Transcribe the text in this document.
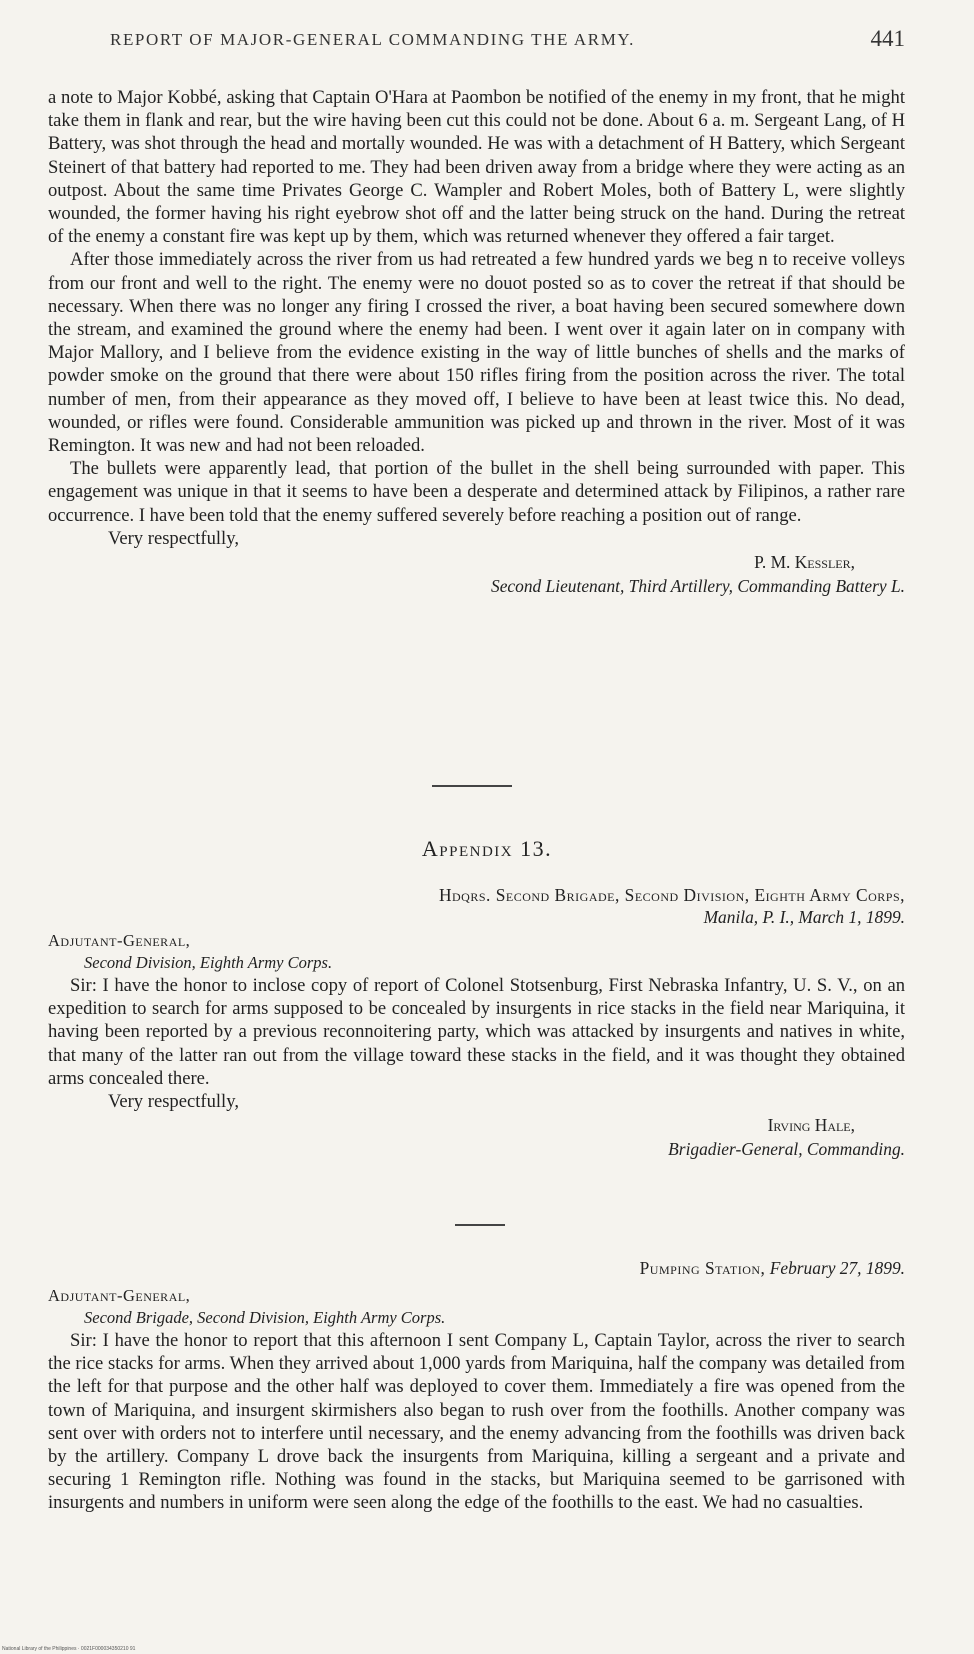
REPORT OF MAJOR-GENERAL COMMANDING THE ARMY.	441

a note to Major Kobbé, asking that Captain O'Hara at Paombon be notified of the enemy in my front, that he might take them in flank and rear, but the wire having been cut this could not be done. About 6 a. m. Sergeant Lang, of H Battery, was shot through the head and mortally wounded. He was with a detachment of H Battery, which Sergeant Steinert of that battery had reported to me. They had been driven away from a bridge where they were acting as an outpost. About the same time Privates George C. Wampler and Robert Moles, both of Battery L, were slightly wounded, the former having his right eyebrow shot off and the latter being struck on the hand. During the retreat of the enemy a constant fire was kept up by them, which was returned whenever they offered a fair target.

After those immediately across the river from us had retreated a few hundred yards we beg n to receive volleys from our front and well to the right. The enemy were no douot posted so as to cover the retreat if that should be necessary. When there was no longer any firing I crossed the river, a boat having been secured somewhere down the stream, and examined the ground where the enemy had been. I went over it again later on in company with Major Mallory, and I believe from the evidence existing in the way of little bunches of shells and the marks of powder smoke on the ground that there were about 150 rifles firing from the position across the river. The total number of men, from their appearance as they moved off, I believe to have been at least twice this. No dead, wounded, or rifles were found. Considerable ammunition was picked up and thrown in the river. Most of it was Remington. It was new and had not been reloaded.

The bullets were apparently lead, that portion of the bullet in the shell being surrounded with paper. This engagement was unique in that it seems to have been a desperate and determined attack by Filipinos, a rather rare occurrence. I have been told that the enemy suffered severely before reaching a position out of range.

Very respectfully,
P. M. Kessler,
Second Lieutenant, Third Artillery, Commanding Battery L.
Appendix 13.
Hdqrs. Second Brigade, Second Division, Eighth Army Corps,
Manila, P. I., March 1, 1899.
Adjutant-General,
Second Division, Eighth Army Corps.

Sir: I have the honor to inclose copy of report of Colonel Stotsenburg, First Nebraska Infantry, U. S. V., on an expedition to search for arms supposed to be concealed by insurgents in rice stacks in the field near Mariquina, it having been reported by a previous reconnoitering party, which was attacked by insurgents and natives in white, that many of the latter ran out from the village toward these stacks in the field, and it was thought they obtained arms concealed there.

Very respectfully,
Irving Hale,
Brigadier-General, Commanding.
Pumping Station, February 27, 1899.
Adjutant-General,
Second Brigade, Second Division, Eighth Army Corps.

Sir: I have the honor to report that this afternoon I sent Company L, Captain Taylor, across the river to search the rice stacks for arms. When they arrived about 1,000 yards from Mariquina, half the company was detailed from the left for that purpose and the other half was deployed to cover them. Immediately a fire was opened from the town of Mariquina, and insurgent skirmishers also began to rush over from the foothills. Another company was sent over with orders not to interfere until necessary, and the enemy advancing from the foothills was driven back by the artillery. Company L drove back the insurgents from Mariquina, killing a sergeant and a private and securing 1 Remington rifle. Nothing was found in the stacks, but Mariquina seemed to be garrisoned with insurgents and numbers in uniform were seen along the edge of the foothills to the east. We had no casualties.

National Library of the Philippines · 0021F000034350210 91
